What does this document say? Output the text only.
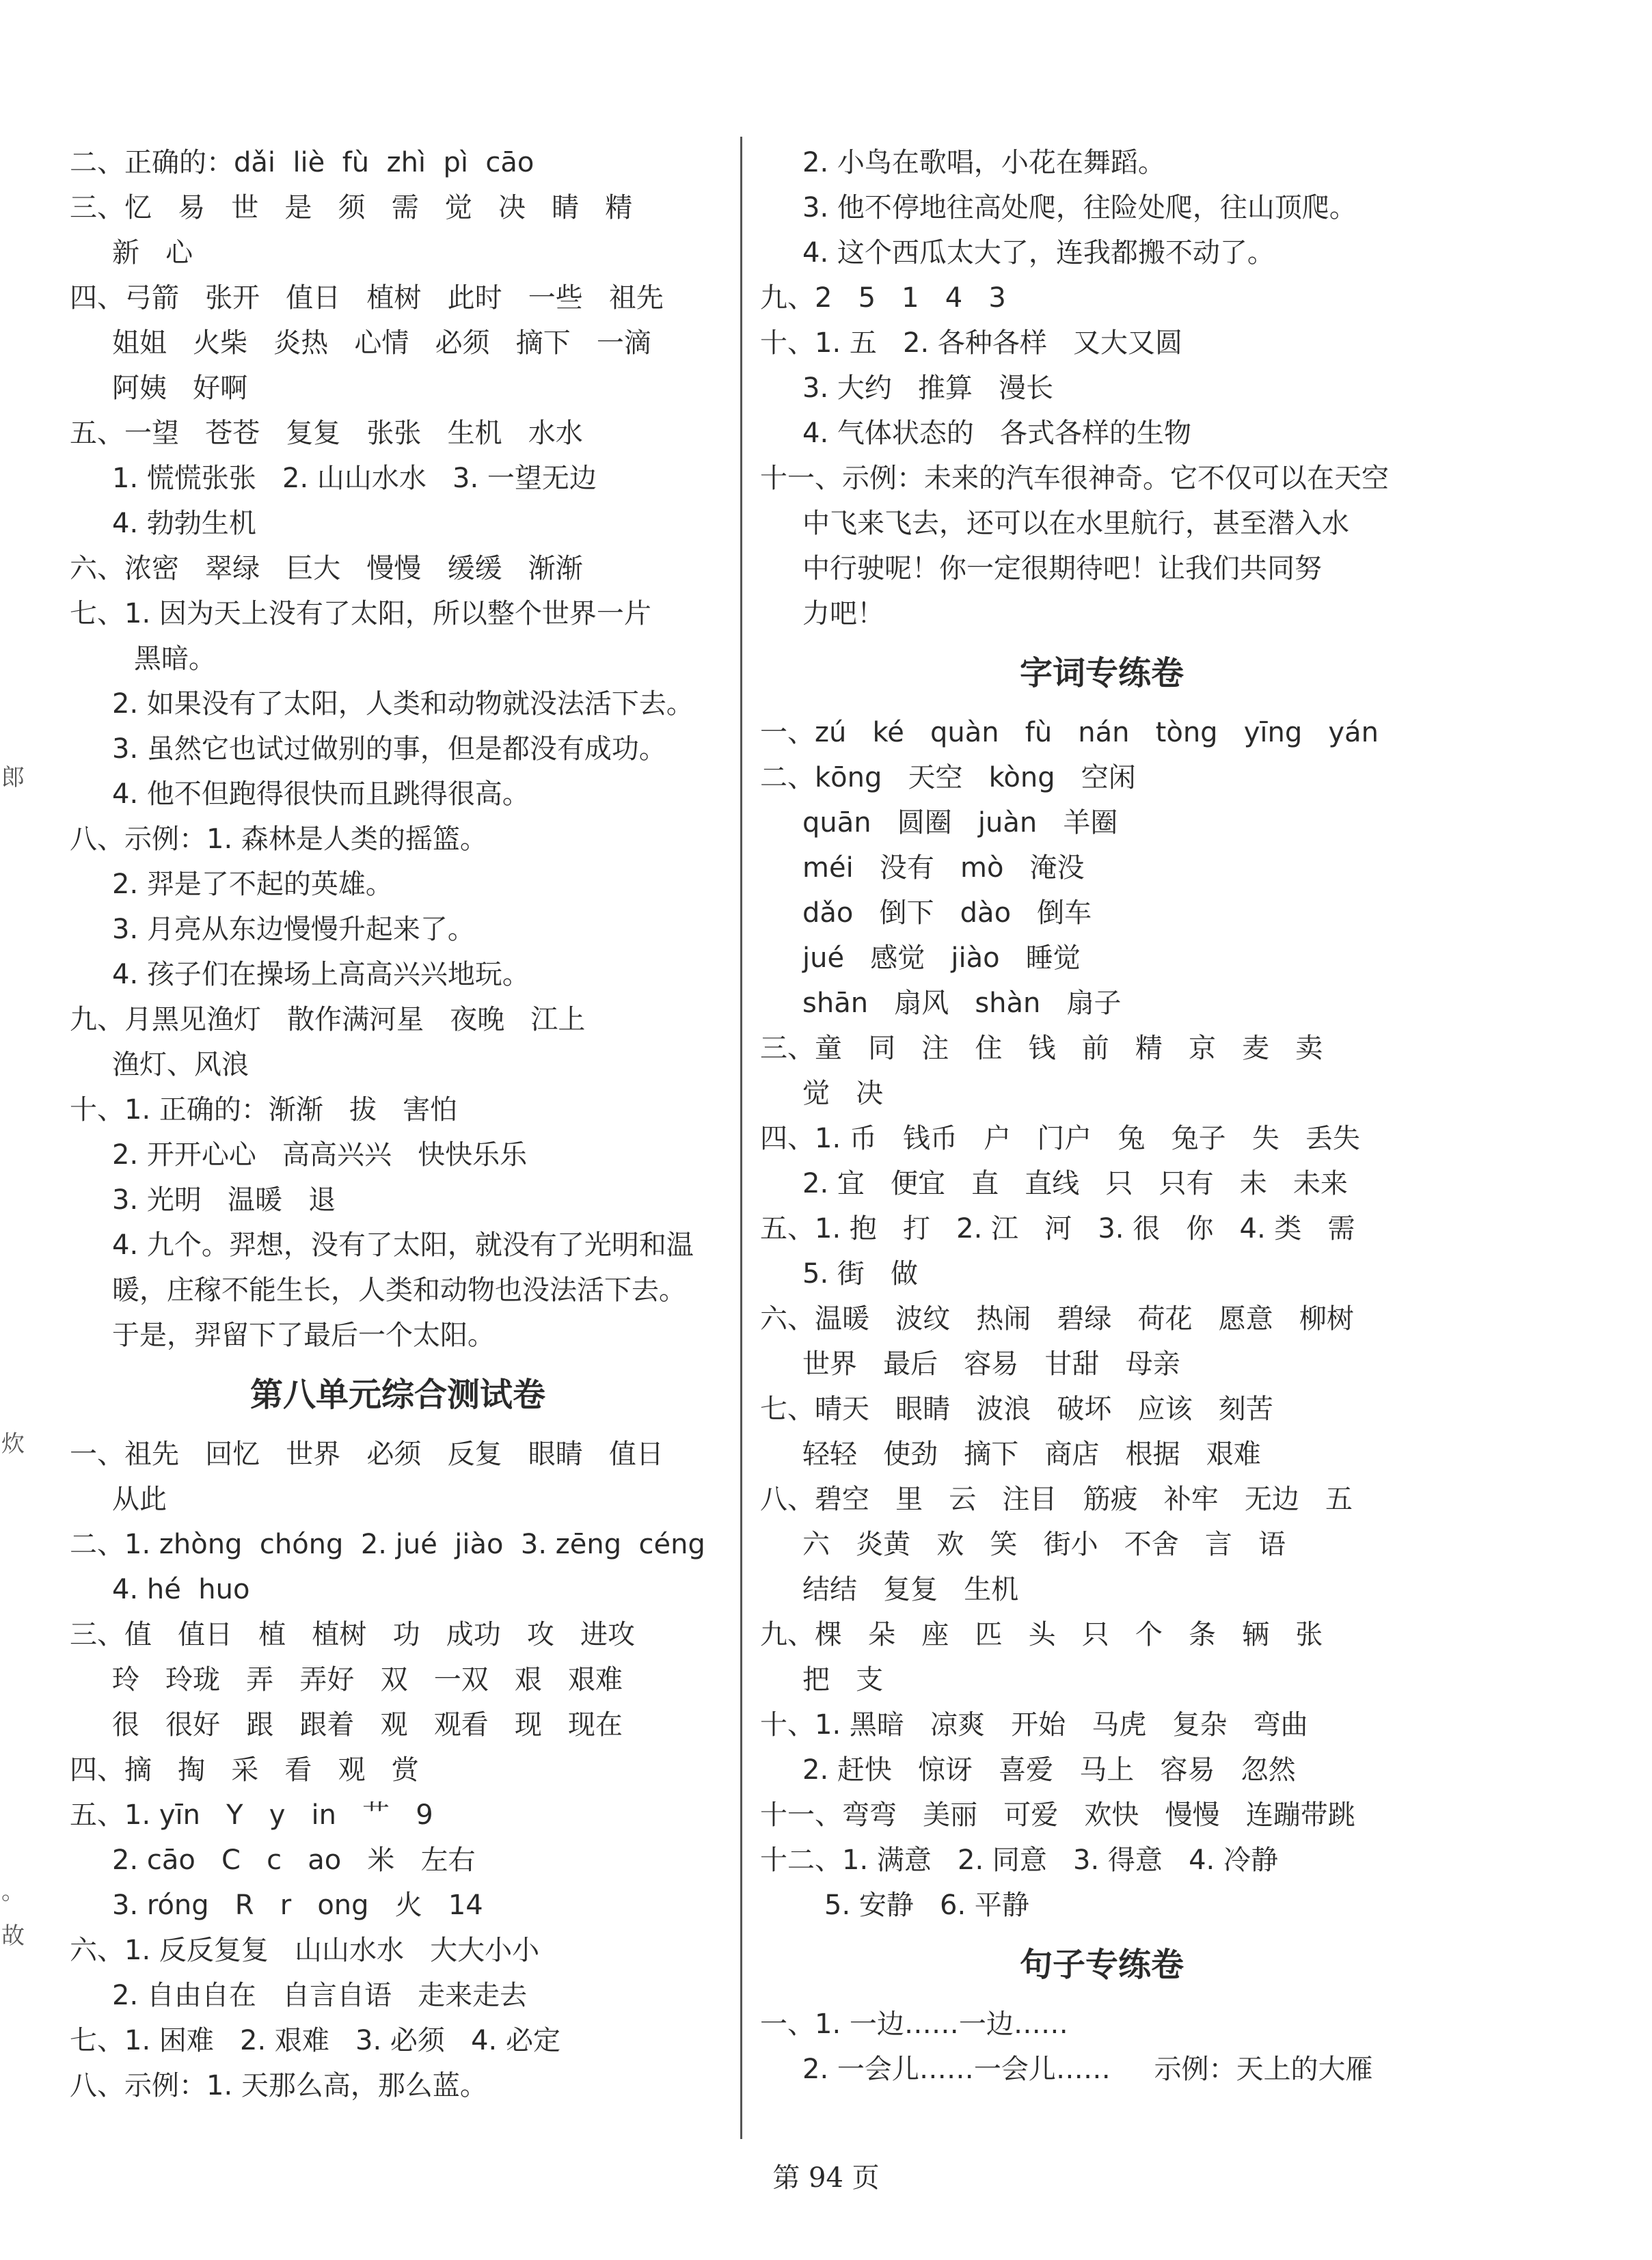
二、正确的：dǎi  liè  fù  zhì  pì  cāo
三、忆   易   世   是   须   需   觉   决   睛   精
新   心
四、弓箭   张开   值日   植树   此时   一些   祖先
姐姐   火柴   炎热   心情   必须   摘下   一滴
阿姨   好啊
五、一望   苍苍   复复   张张   生机   水水
1. 慌慌张张   2. 山山水水   3. 一望无边
4. 勃勃生机
六、浓密   翠绿   巨大   慢慢   缓缓   渐渐
七、1. 因为天上没有了太阳，所以整个世界一片
黑暗。
2. 如果没有了太阳，人类和动物就没法活下去。
3. 虽然它也试过做别的事，但是都没有成功。
4. 他不但跑得很快而且跳得很高。
八、示例：1. 森林是人类的摇篮。
2. 羿是了不起的英雄。
3. 月亮从东边慢慢升起来了。
4. 孩子们在操场上高高兴兴地玩。
九、月黑见渔灯   散作满河星   夜晚   江上
渔灯、风浪
十、1. 正确的：渐渐   拔   害怕
2. 开开心心   高高兴兴   快快乐乐
3. 光明   温暖   退
4. 九个。羿想，没有了太阳，就没有了光明和温
暖，庄稼不能生长，人类和动物也没法活下去。
于是，羿留下了最后一个太阳。
第八单元综合测试卷
一、祖先   回忆   世界   必须   反复   眼睛   值日
从此
二、1. zhòng  chóng  2. jué  jiào  3. zēng  céng
4. hé  huo
三、值   值日   植   植树   功   成功   攻   进攻
玲   玲珑   弄   弄好   双   一双   艰   艰难
很   很好   跟   跟着   观   观看   现   现在
四、摘   掏   采   看   观   赏
五、1. yīn   Y   y   in   艹   9
2. cāo   C   c   ao   米   左右
3. róng   R   r   ong   火   14
六、1. 反反复复   山山水水   大大小小
2. 自由自在   自言自语   走来走去
七、1. 困难   2. 艰难   3. 必须   4. 必定
八、示例：1. 天那么高，那么蓝。
2. 小鸟在歌唱，小花在舞蹈。
3. 他不停地往高处爬，往险处爬，往山顶爬。
4. 这个西瓜太大了，连我都搬不动了。
九、2   5   1   4   3
十、1. 五   2. 各种各样   又大又圆
3. 大约   推算   漫长
4. 气体状态的   各式各样的生物
十一、示例：未来的汽车很神奇。它不仅可以在天空
中飞来飞去，还可以在水里航行，甚至潜入水
中行驶呢！你一定很期待吧！让我们共同努
力吧！
字词专练卷
一、zú   ké   quàn   fù   nán   tòng   yīng   yán
二、kōng   天空   kòng   空闲
quān   圆圈   juàn   羊圈
méi   没有   mò   淹没
dǎo   倒下   dào   倒车
jué   感觉   jiào   睡觉
shān   扇风   shàn   扇子
三、童   同   注   住   钱   前   精   京   麦   卖
觉   决
四、1. 币   钱币   户   门户   兔   兔子   失   丢失
2. 宜   便宜   直   直线   只   只有   未   未来
五、1. 抱   打   2. 江   河   3. 很   你   4. 类   需
5. 街   做
六、温暖   波纹   热闹   碧绿   荷花   愿意   柳树
世界   最后   容易   甘甜   母亲
七、晴天   眼睛   波浪   破坏   应该   刻苦
轻轻   使劲   摘下   商店   根据   艰难
八、碧空   里   云   注目   筋疲   补牢   无边   五
六   炎黄   欢   笑   街小   不舍   言   语
结结   复复   生机
九、棵   朵   座   匹   头   只   个   条   辆   张
把   支
十、1. 黑暗   凉爽   开始   马虎   复杂   弯曲
2. 赶快   惊讶   喜爱   马上   容易   忽然
十一、弯弯   美丽   可爱   欢快   慢慢   连蹦带跳
十二、1. 满意   2. 同意   3. 得意   4. 冷静
5. 安静   6. 平静
句子专练卷
一、1. 一边……一边……
2. 一会儿……一会儿……     示例：天上的大雁
郎
炊
。
故
第 94 页
